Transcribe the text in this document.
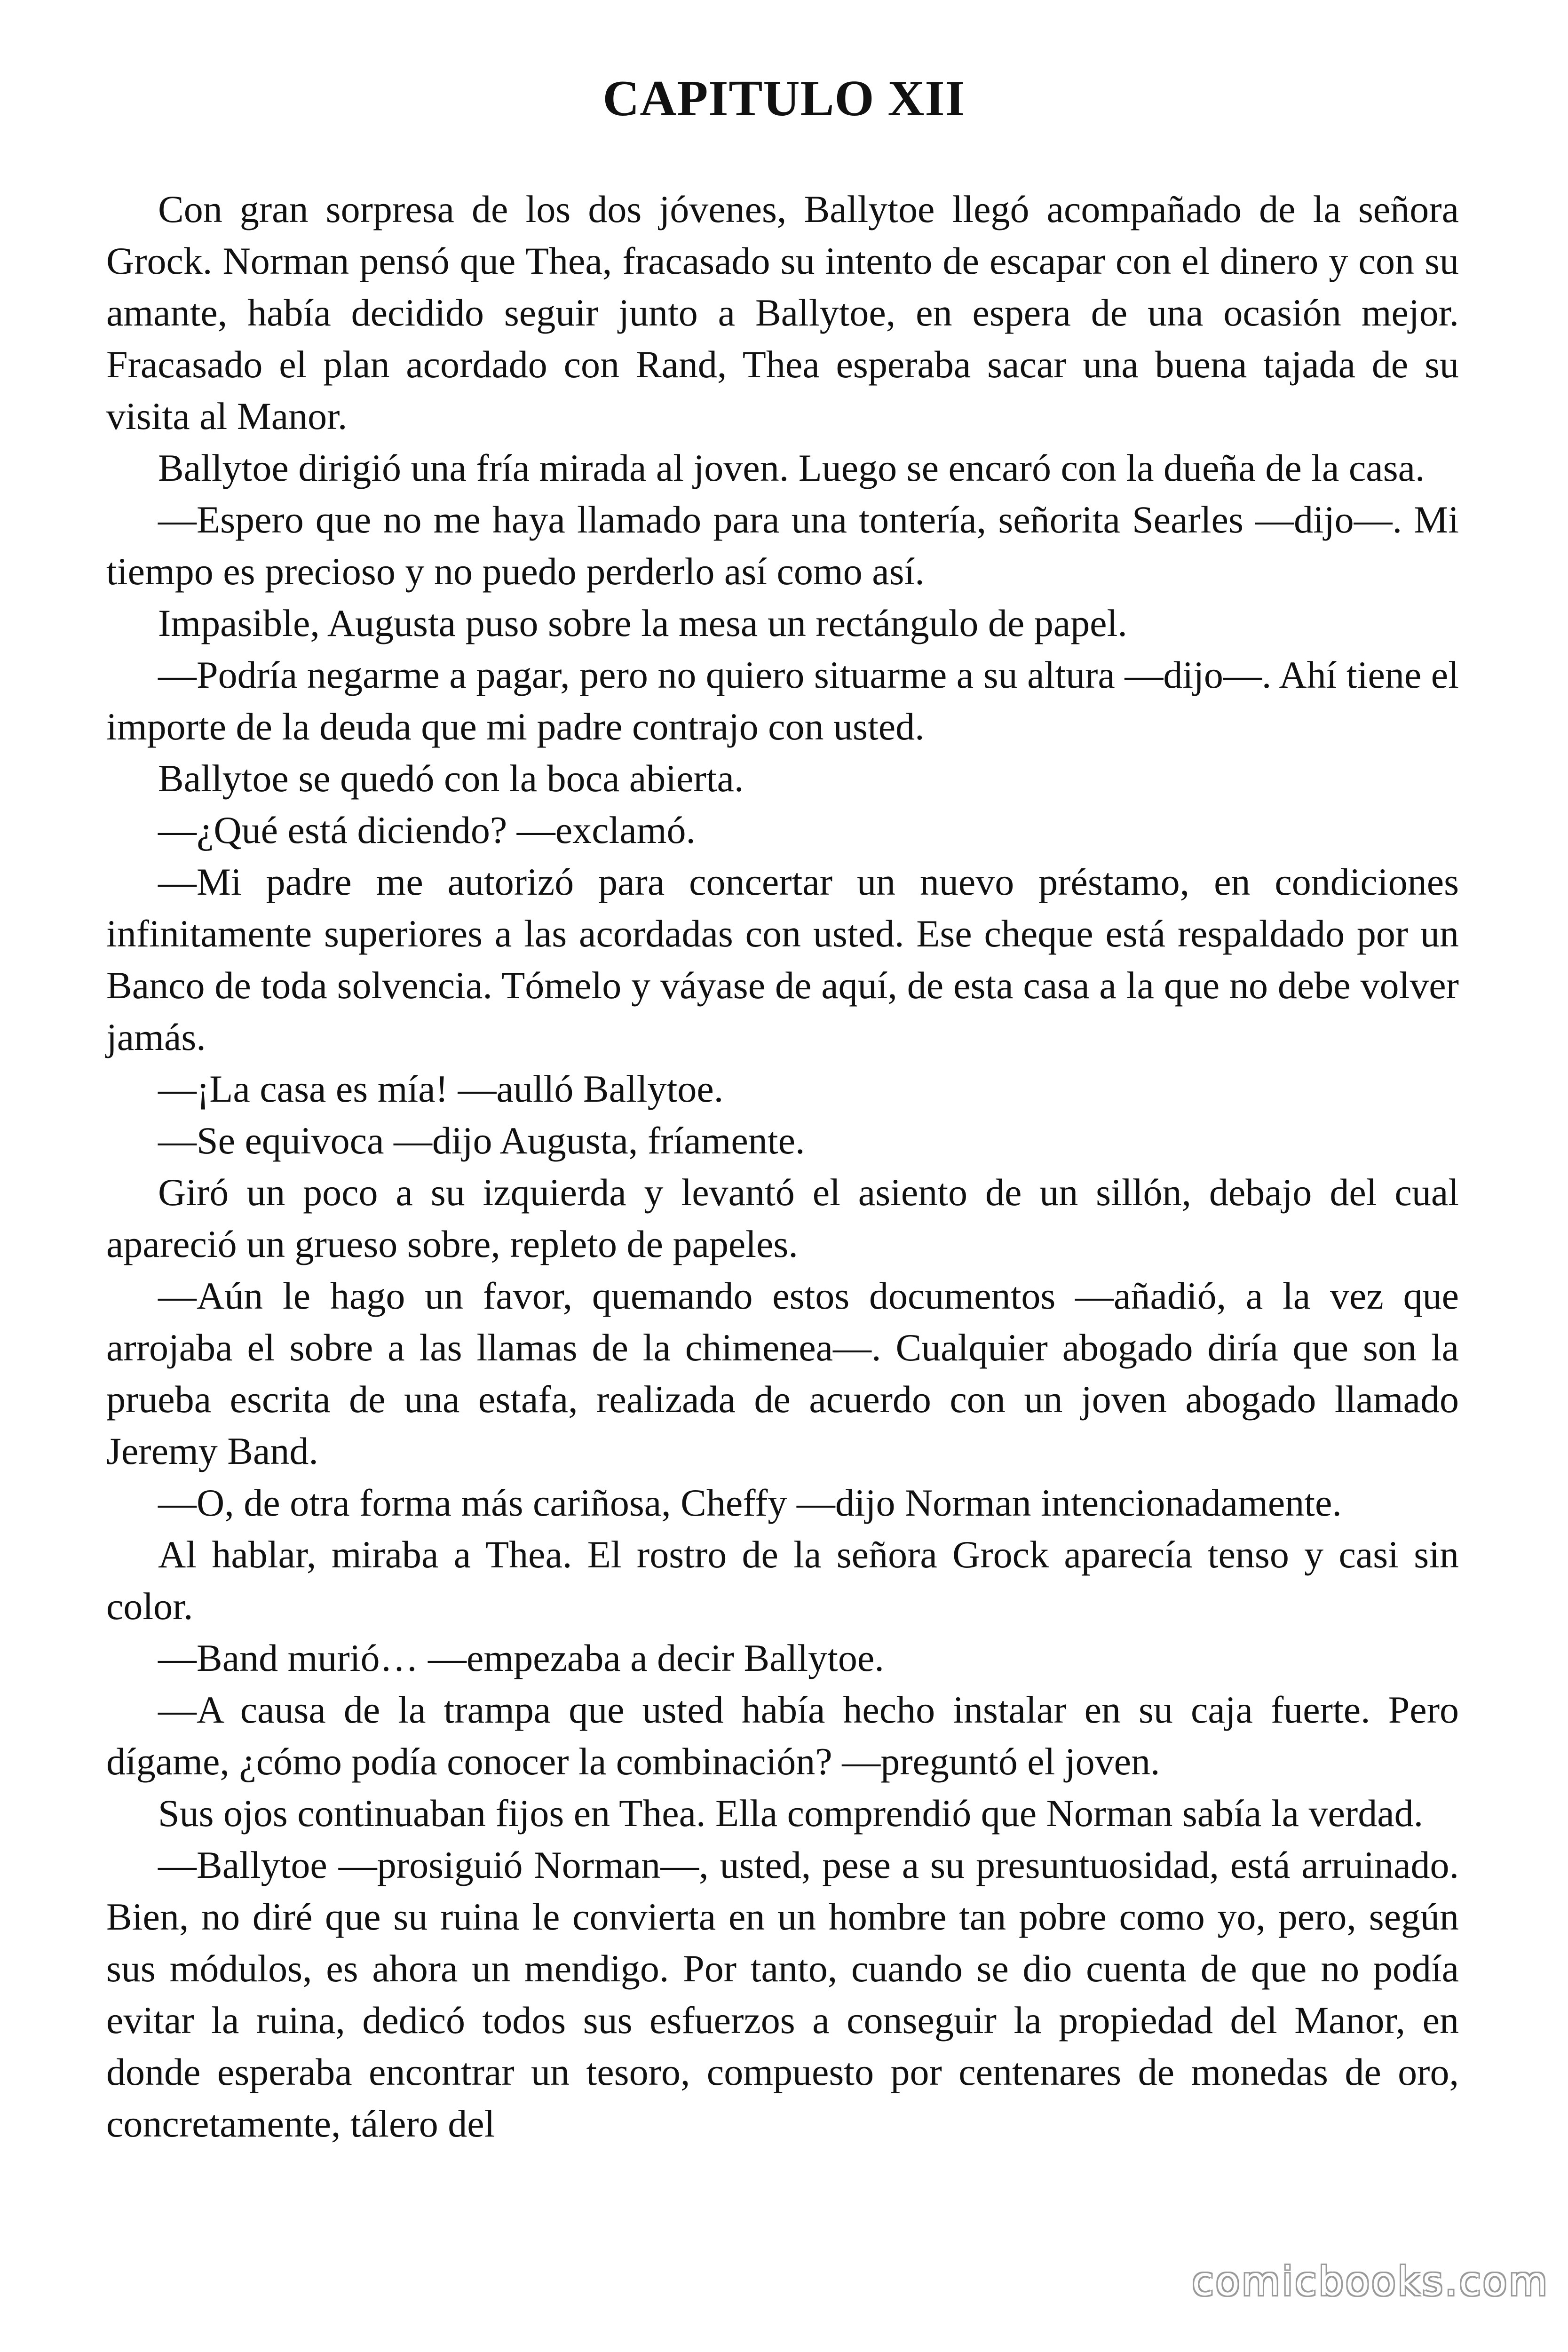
CAPITULO XII

Con gran sorpresa de los dos jóvenes, Ballytoe llegó acompañado de la señora Grock. Norman pensó que Thea, fracasado su intento de escapar con el dinero y con su amante, había decidido seguir junto a Ballytoe, en espera de una ocasión mejor. Fracasado el plan acordado con Rand, Thea esperaba sacar una buena tajada de su visita al Manor.

Ballytoe dirigió una fría mirada al joven. Luego se encaró con la dueña de la casa.

—Espero que no me haya llamado para una tontería, señorita Searles —dijo—. Mi tiempo es precioso y no puedo perderlo así como así.

Impasible, Augusta puso sobre la mesa un rectángulo de papel.

—Podría negarme a pagar, pero no quiero situarme a su altura —dijo—. Ahí tiene el importe de la deuda que mi padre contrajo con usted.

Ballytoe se quedó con la boca abierta.

—¿Qué está diciendo? —exclamó.

—Mi padre me autorizó para concertar un nuevo préstamo, en condiciones infinitamente superiores a las acordadas con usted. Ese cheque está respaldado por un Banco de toda solvencia. Tómelo y váyase de aquí, de esta casa a la que no debe volver jamás.

—¡La casa es mía! —aulló Ballytoe.

—Se equivoca —dijo Augusta, fríamente.

Giró un poco a su izquierda y levantó el asiento de un sillón, debajo del cual apareció un grueso sobre, repleto de papeles.

—Aún le hago un favor, quemando estos documentos —añadió, a la vez que arrojaba el sobre a las llamas de la chimenea—. Cualquier abogado diría que son la prueba escrita de una estafa, realizada de acuerdo con un joven abogado llamado Jeremy Band.

—O, de otra forma más cariñosa, Cheffy —dijo Norman intencionadamente.

Al hablar, miraba a Thea. El rostro de la señora Grock aparecía tenso y casi sin color.

—Band murió… —empezaba a decir Ballytoe.

—A causa de la trampa que usted había hecho instalar en su caja fuerte. Pero dígame, ¿cómo podía conocer la combinación? —preguntó el joven.

Sus ojos continuaban fijos en Thea. Ella comprendió que Norman sabía la verdad.

—Ballytoe —prosiguió Norman—, usted, pese a su presuntuosidad, está arruinado. Bien, no diré que su ruina le convierta en un hombre tan pobre como yo, pero, según sus módulos, es ahora un mendigo. Por tanto, cuando se dio cuenta de que no podía evitar la ruina, dedicó todos sus esfuerzos a conseguir la propiedad del Manor, en donde esperaba encontrar un tesoro, compuesto por centenares de monedas de oro, concretamente, tálero del

comicbooks.com
